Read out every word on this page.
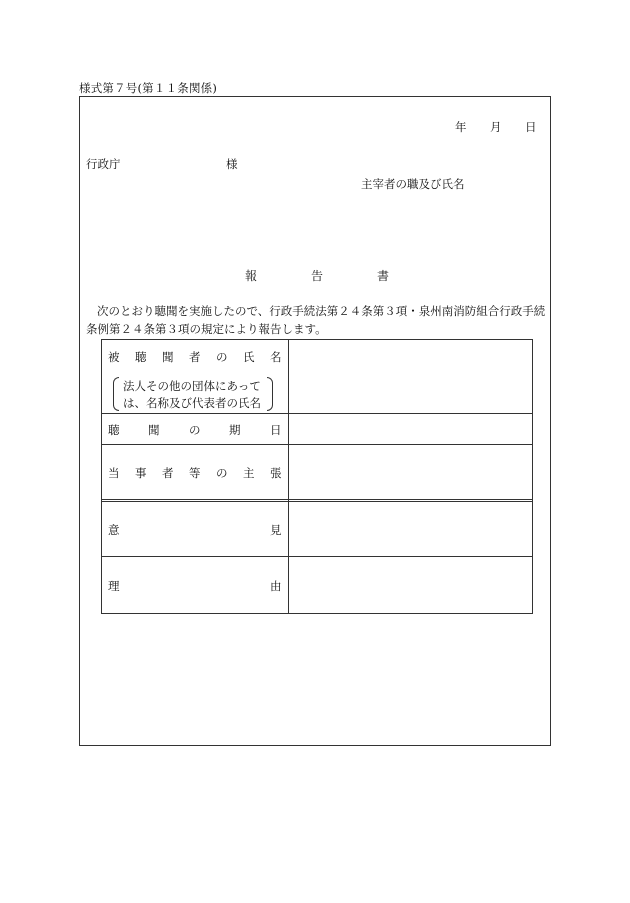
様式第７号(第１１条関係)
年 月 日
行政庁	様
主宰者の職及び氏名
報	告	書
次のとおり聴聞を実施したので、行政手続法第２４条第３項・泉州南消防組合行政手続
条例第２４条第３項の規定により報告します。
被 聴 聞 者 の 氏 名
法人その他の団体にあって
は、名称及び代表者の氏名
聴 聞	の 期	日
当 事 者 等 の 主 張
意	見
理	由
